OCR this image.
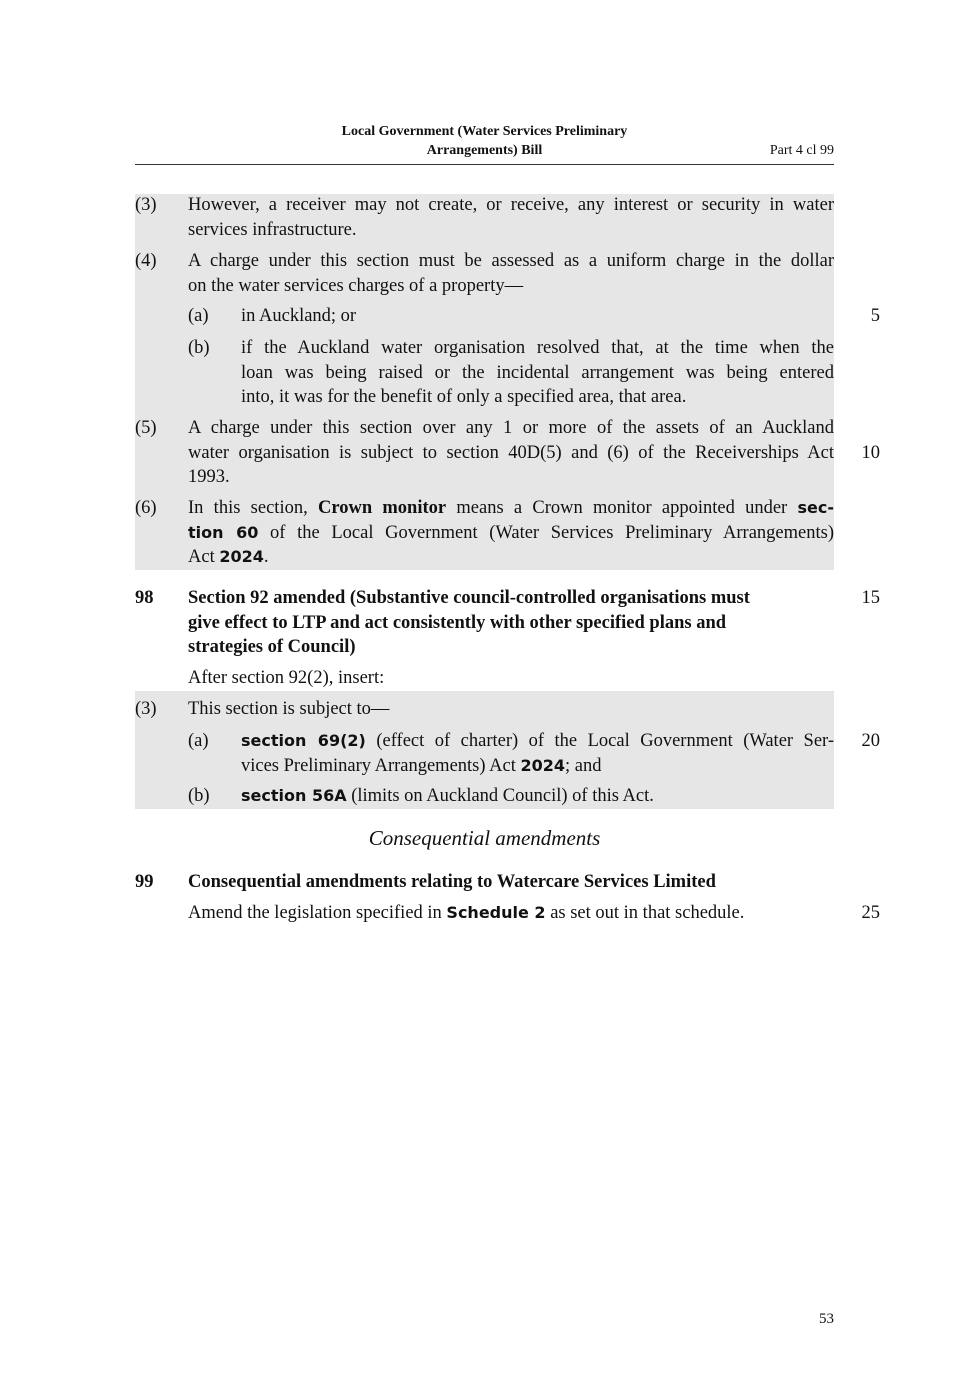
Local Government (Water Services Preliminary
Arrangements) Bill	Part 4 cl 99
(3) However, a receiver may not create, or receive, any interest or security in water
services infrastructure.
(4) A charge under this section must be assessed as a uniform charge in the dollar
on the water services charges of a property—
(a) in Auckland; or
(b) if the Auckland water organisation resolved that, at the time when the
loan was being raised or the incidental arrangement was being entered
into, it was for the benefit of only a specified area, that area.
(5) A charge under this section over any 1 or more of the assets of an Auckland
water organisation is subject to section 40D(5) and (6) of the Receiverships Act
1993.
(6) In this section, Crown monitor means a Crown monitor appointed under sec-
tion 60 of the Local Government (Water Services Preliminary Arrangements)
Act 2024.
98 Section 92 amended (Substantive council-controlled organisations must
give effect to LTP and act consistently with other specified plans and
strategies of Council)
After section 92(2), insert:
(3) This section is subject to—
(a) section 69(2) (effect of charter) of the Local Government (Water Ser-
vices Preliminary Arrangements) Act 2024; and
(b) section 56A (limits on Auckland Council) of this Act.
Consequential amendments
99 Consequential amendments relating to Watercare Services Limited
Amend the legislation specified in Schedule 2 as set out in that schedule.
5
10
15
20
25
53
